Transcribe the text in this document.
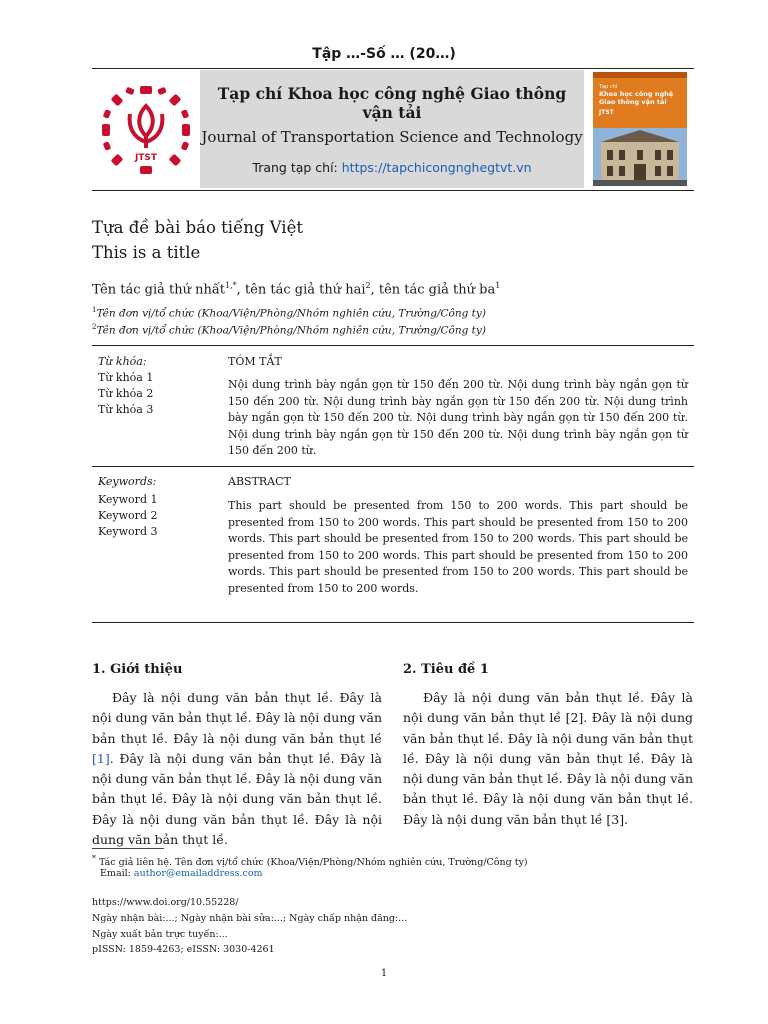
Tập …-Số … (20…)
JTST
Tạp chí Khoa học công nghệ Giao thông vận tải
Journal of Transportation Science and Technology
Trang tạp chí: https://tapchicongnghegtvt.vn
Tạp chí
Khoa học công nghệ
Giao thông vận tải
JTST
Tựa đề bài báo tiếng Việt
This is a title
Tên tác giả thứ nhất$^{1,*}$, tên tác giả thứ hai$^2$, tên tác giả thứ $ba^1$
$^1$Tên đơn vị/tổ chức (Khoa/Viện/Phòng/Nhóm nghiên cứu, Trường/Công ty)
$^2$Tên đơn vị/tổ chức (Khoa/Viện/Phòng/Nhóm nghiên cứu, Trường/Công ty)
Từ khóa:
Từ khóa 1
Từ khóa 2
Từ khóa 3
TÓM TẮT
Nội dung trình bày ngắn gọn từ 150 đến 200 từ. Nội dung trình bày ngắn gọn từ 150 đến 200 từ. Nội dung trình bày ngắn gọn từ 150 đến 200 từ. Nội dung trình bày ngắn gọn từ 150 đến 200 từ. Nội dung trình bày ngắn gọn từ 150 đến 200 từ. Nội dung trình bày ngắn gọn từ 150 đến 200 từ. Nội dung trình bày ngắn gọn từ 150 đến 200 từ.
Keywords:
Keyword 1
Keyword 2
Keyword 3
ABSTRACT
This part should be presented from 150 to 200 words. This part should be presented from 150 to 200 words. This part should be presented from 150 to 200 words. This part should be presented from 150 to 200 words. This part should be presented from 150 to 200 words. This part should be presented from 150 to 200 words. This part should be presented from 150 to 200 words. This part should be presented from 150 to 200 words.
1. Giới thiệu
Đây là nội dung văn bản thụt lề. Đây là nội dung văn bản thụt lề. Đây là nội dung văn bản thụt lề. Đây là nội dung văn bản thụt lề [1]. Đây là nội dung văn bản thụt lề. Đây là nội dung văn bản thụt lề. Đây là nội dung văn bản thụt lề. Đây là nội dung văn bản thụt lề. Đây là nội dung văn bản thụt lề. Đây là nội dung văn bản thụt lề.
2. Tiêu đề 1
Đây là nội dung văn bản thụt lề. Đây là nội dung văn bản thụt lề [2]. Đây là nội dung văn bản thụt lề. Đây là nội dung văn bản thụt lề. Đây là nội dung văn bản thụt lề. Đây là nội dung văn bản thụt lề. Đây là nội dung văn bản thụt lề. Đây là nội dung văn bản thụt lề. Đây là nội dung văn bản thụt lề [3].
* Tác giả liên hệ. Tên đơn vị/tổ chức (Khoa/Viện/Phòng/Nhóm nghiên cứu, Trường/Công ty)
Email: author@emailaddress.com
https://www.doi.org/10.55228/
Ngày nhận bài:...; Ngày nhận bài sửa:...; Ngày chấp nhận đăng:...
Ngày xuất bản trực tuyến:...
pISSN: 1859-4263; eISSN: 3030-4261
1
